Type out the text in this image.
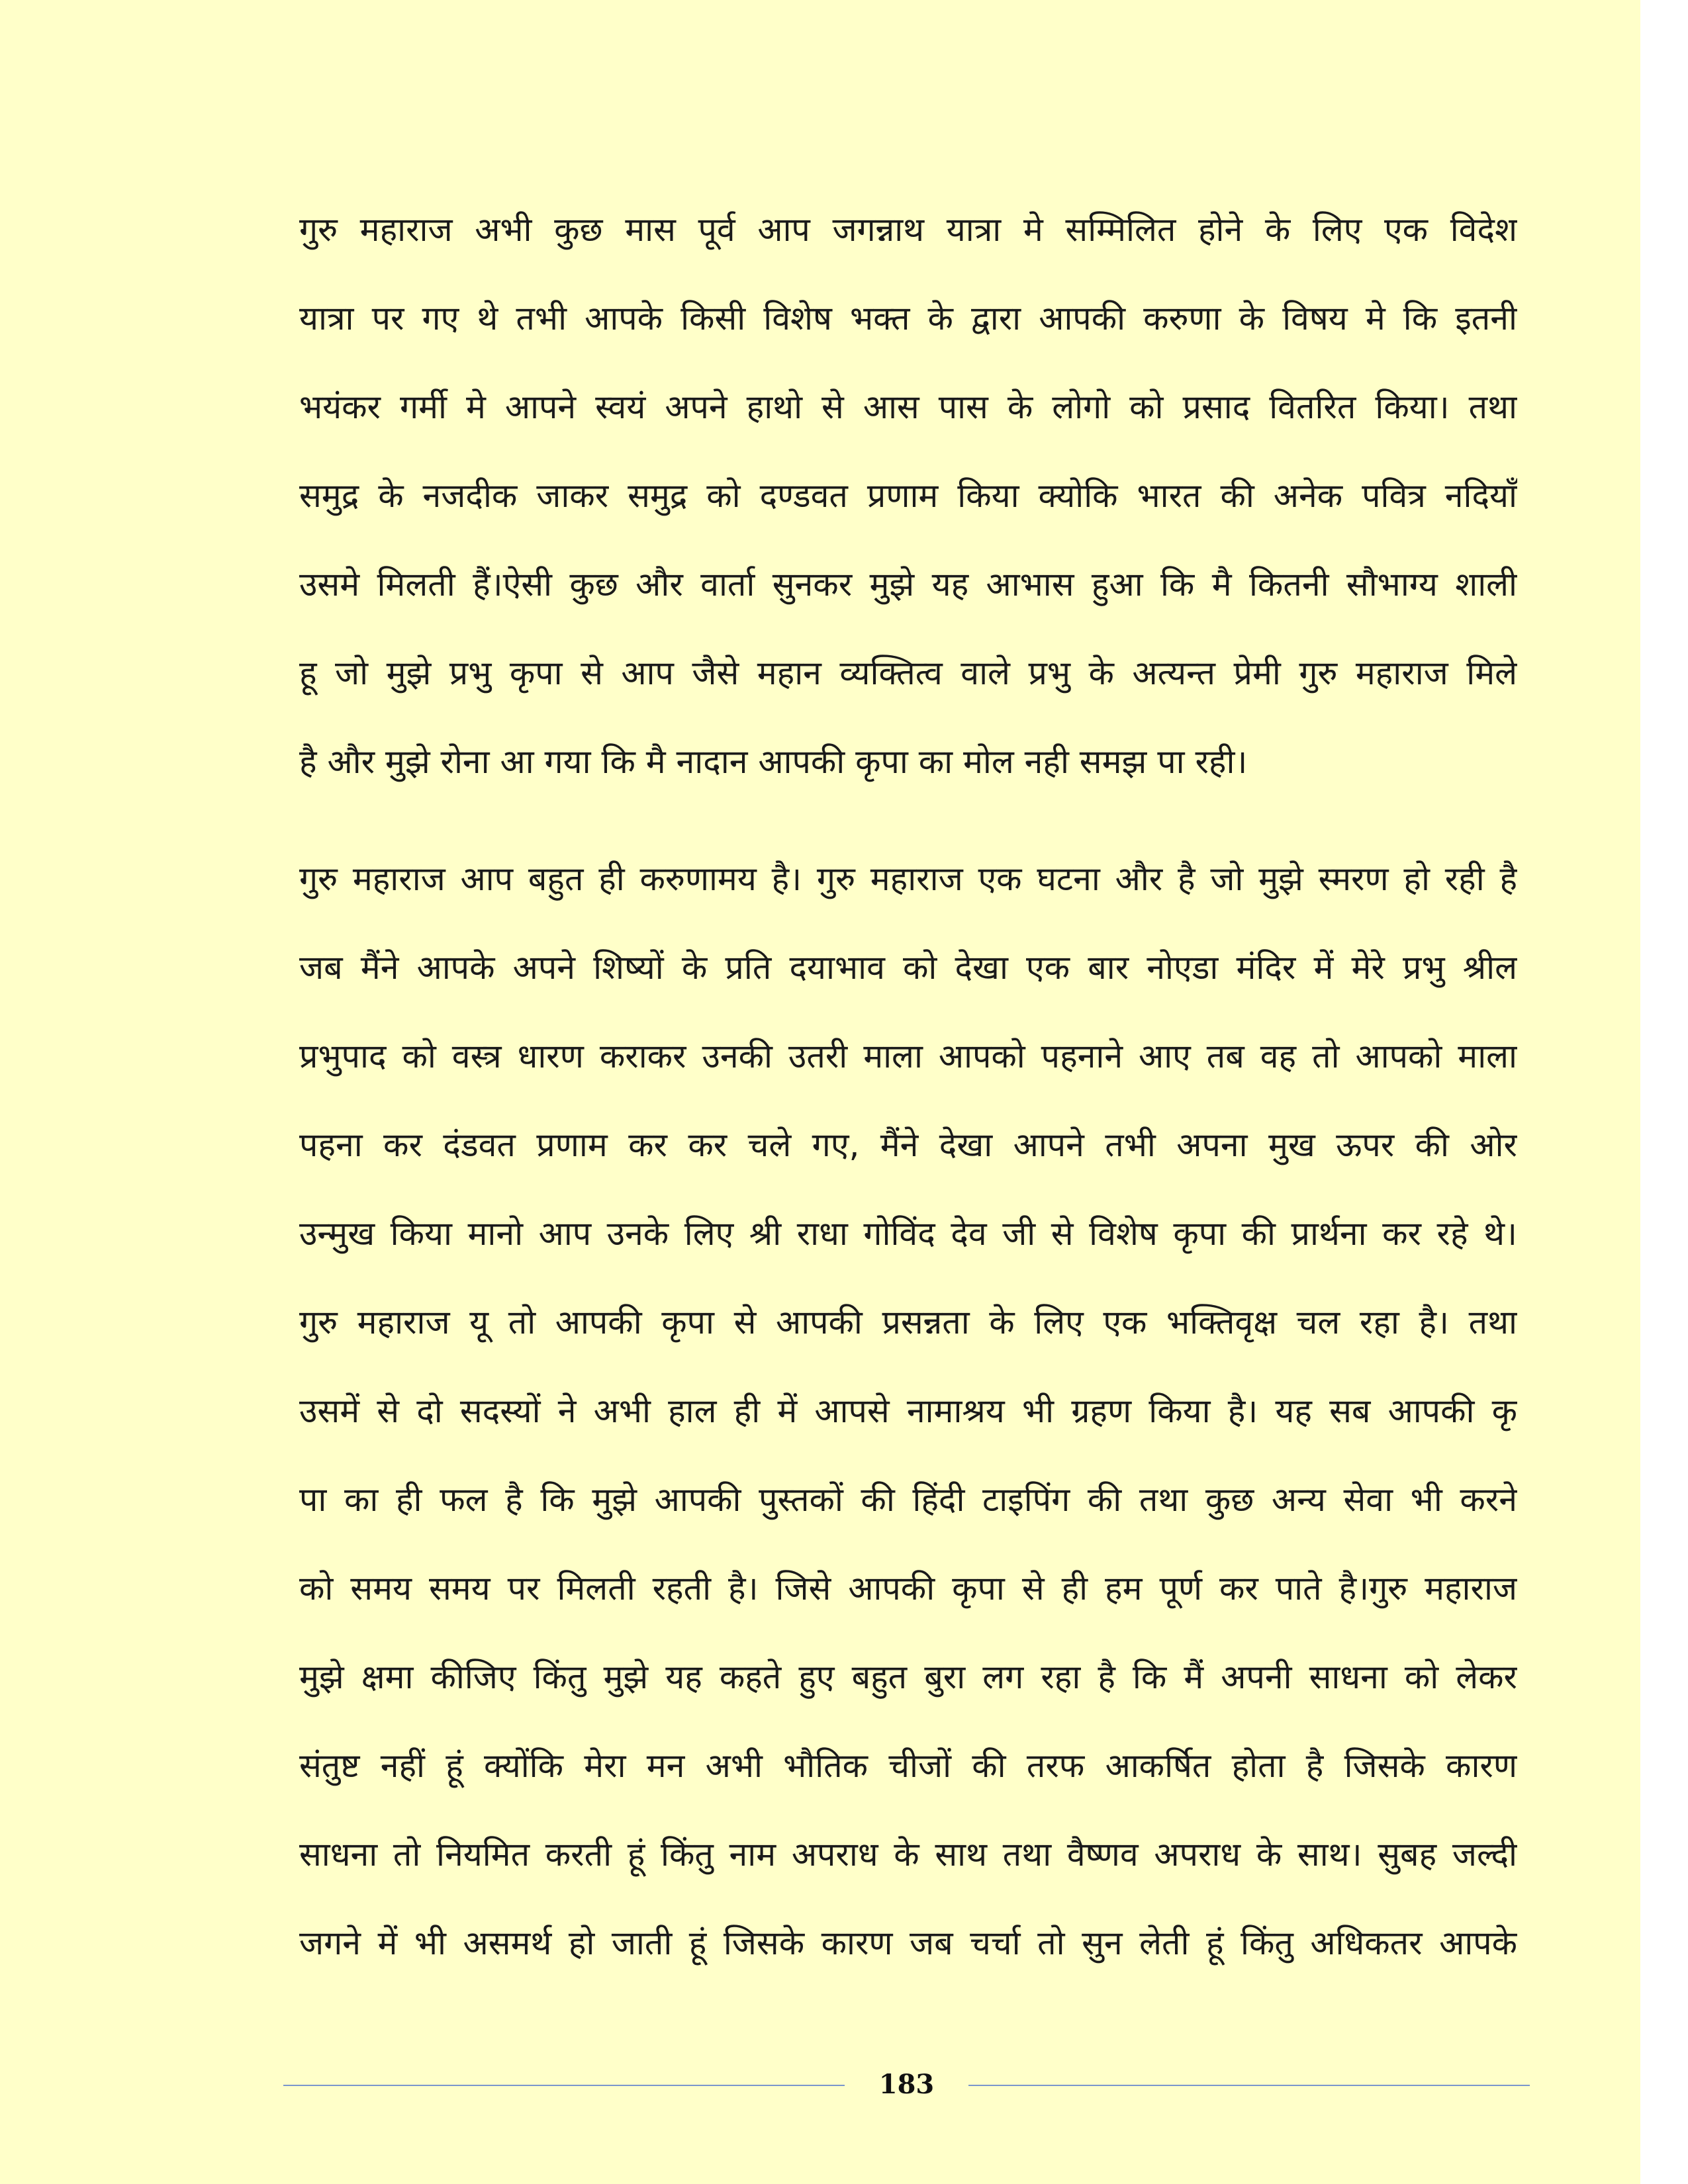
गुरु महाराज अभी कुछ मास पूर्व आप जगन्नाथ यात्रा मे सम्मिलित होने के लिए एक विदेश
यात्रा पर गए थे तभी आपके किसी विशेष भक्त के द्वारा आपकी करुणा के विषय मे कि इतनी
भयंकर गर्मी मे आपने स्वयं अपने हाथो से आस पास के लोगो को प्रसाद वितरित किया। तथा
समुद्र के नजदीक जाकर समुद्र को दण्डवत प्रणाम किया क्योकि भारत की अनेक पवित्र नदियाँ
उसमे मिलती हैं।ऐसी कुछ और वार्ता सुनकर मुझे यह आभास हुआ कि मै कितनी सौभाग्य शाली
हू जो मुझे प्रभु कृपा से आप जैसे महान व्यक्तित्व वाले प्रभु के अत्यन्त प्रेमी गुरु महाराज मिले
है और मुझे रोना आ गया कि मै नादान आपकी कृपा का मोल नही समझ पा रही।
गुरु महाराज आप बहुत ही करुणामय है। गुरु महाराज एक घटना और है जो मुझे स्मरण हो रही है
जब मैंने आपके अपने शिष्यों के प्रति दयाभाव को देखा एक बार नोएडा मंदिर में मेरे प्रभु श्रील
प्रभुपाद को वस्त्र धारण कराकर उनकी उतरी माला आपको पहनाने आए तब वह तो आपको माला
पहना कर दंडवत प्रणाम कर कर चले गए, मैंने देखा आपने तभी अपना मुख ऊपर की ओर
उन्मुख किया मानो आप उनके लिए श्री राधा गोविंद देव जी से विशेष कृपा की प्रार्थना कर रहे थे।
गुरु महाराज यू तो आपकी कृपा से आपकी प्रसन्नता के लिए एक भक्तिवृक्ष चल रहा है। तथा
उसमें से दो सदस्यों ने अभी हाल ही में आपसे नामाश्रय भी ग्रहण किया है। यह सब आपकी कृ
पा का ही फल है कि मुझे आपकी पुस्तकों की हिंदी टाइपिंग की तथा कुछ अन्य सेवा भी करने
को समय समय पर मिलती रहती है। जिसे आपकी कृपा से ही हम पूर्ण कर पाते है।गुरु महाराज
मुझे क्षमा कीजिए किंतु मुझे यह कहते हुए बहुत बुरा लग रहा है कि मैं अपनी साधना को लेकर
संतुष्ट नहीं हूं क्योंकि मेरा मन अभी भौतिक चीजों की तरफ आकर्षित होता है जिसके कारण
साधना तो नियमित करती हूं किंतु नाम अपराध के साथ तथा वैष्णव अपराध के साथ। सुबह जल्दी
जगने में भी असमर्थ हो जाती हूं जिसके कारण जब चर्चा तो सुन लेती हूं किंतु अधिकतर आपके
183
